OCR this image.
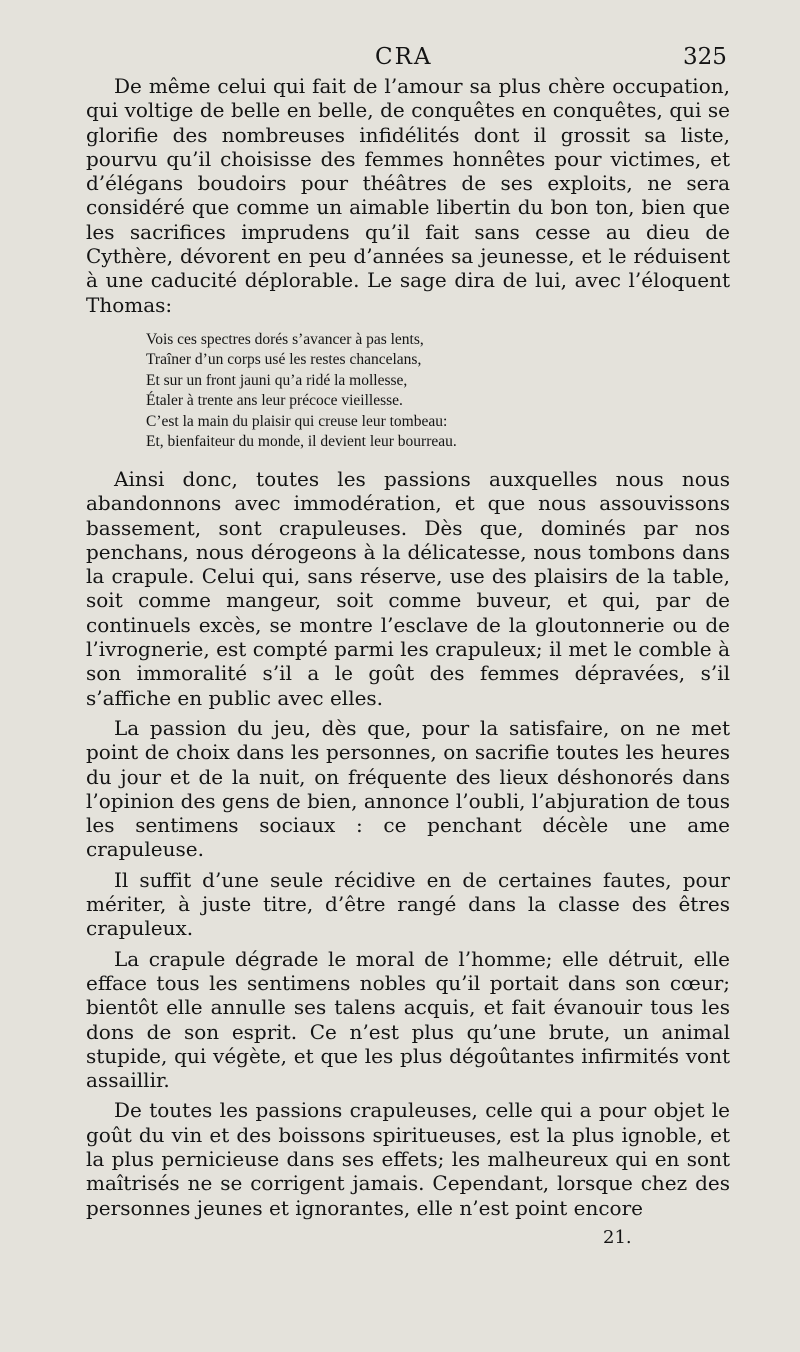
CRA	325

De même celui qui fait de l’amour sa plus chère occupation, qui voltige de belle en belle, de conquêtes en conquêtes, qui se glorifie des nombreuses infidélités dont il grossit sa liste, pourvu qu’il choisisse des femmes honnêtes pour victimes, et d’élégans boudoirs pour théâtres de ses exploits, ne sera considéré que comme un aimable libertin du bon ton, bien que les sacrifices imprudens qu’il fait sans cesse au dieu de Cythère, dévorent en peu d’années sa jeunesse, et le réduisent à une caducité déplorable. Le sage dira de lui, avec l’éloquent Thomas:

Vois ces spectres dorés s’avancer à pas lents,
Traîner d’un corps usé les restes chancelans,
Et sur un front jauni qu’a ridé la mollesse,
Étaler à trente ans leur précoce vieillesse.
C’est la main du plaisir qui creuse leur tombeau:
Et, bienfaiteur du monde, il devient leur bourreau.

Ainsi donc, toutes les passions auxquelles nous nous abandonnons avec immodération, et que nous assouvissons bassement, sont crapuleuses. Dès que, dominés par nos penchans, nous dérogeons à la délicatesse, nous tombons dans la crapule. Celui qui, sans réserve, use des plaisirs de la table, soit comme mangeur, soit comme buveur, et qui, par de continuels excès, se montre l’esclave de la gloutonnerie ou de l’ivrognerie, est compté parmi les crapuleux; il met le comble à son immoralité s’il a le goût des femmes dépravées, s’il s’affiche en public avec elles.

La passion du jeu, dès que, pour la satisfaire, on ne met point de choix dans les personnes, on sacrifie toutes les heures du jour et de la nuit, on fréquente des lieux déshonorés dans l’opinion des gens de bien, annonce l’oubli, l’abjuration de tous les sentimens sociaux : ce penchant décèle une ame crapuleuse.

Il suffit d’une seule récidive en de certaines fautes, pour mériter, à juste titre, d’être rangé dans la classe des êtres crapuleux.

La crapule dégrade le moral de l’homme; elle détruit, elle efface tous les sentimens nobles qu’il portait dans son cœur; bientôt elle annulle ses talens acquis, et fait évanouir tous les dons de son esprit. Ce n’est plus qu’une brute, un animal stupide, qui végète, et que les plus dégoûtantes infirmités vont assaillir.

De toutes les passions crapuleuses, celle qui a pour objet le goût du vin et des boissons spiritueuses, est la plus ignoble, et la plus pernicieuse dans ses effets; les malheureux qui en sont maîtrisés ne se corrigent jamais. Cependant, lorsque chez des personnes jeunes et ignorantes, elle n’est point encore

21.
